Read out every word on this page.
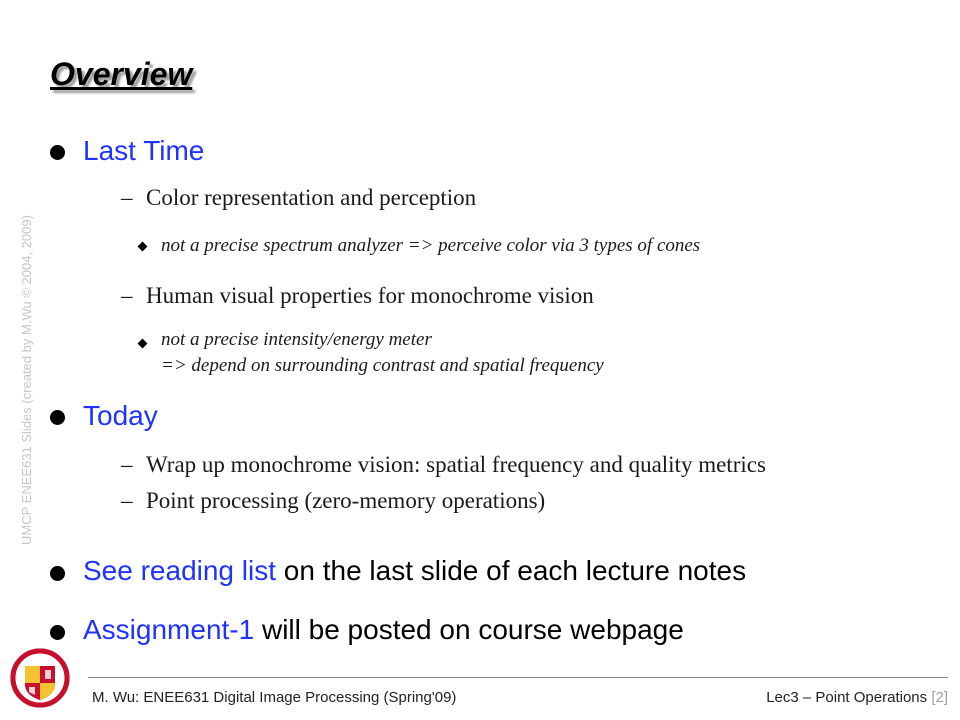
Overview
UMCP ENEE631 Slides (created by M.Wu © 2004, 2009)
Last Time
– Color representation and perception
not a precise spectrum analyzer => perceive color via 3 types of cones
– Human visual properties for monochrome vision
not a precise intensity/energy meter
=> depend on surrounding contrast and spatial frequency
Today
– Wrap up monochrome vision: spatial frequency and quality metrics
– Point processing (zero-memory operations)
See reading list on the last slide of each lecture notes
Assignment-1 will be posted on course webpage
M. Wu: ENEE631 Digital Image Processing (Spring'09)	Lec3 – Point Operations [2]
